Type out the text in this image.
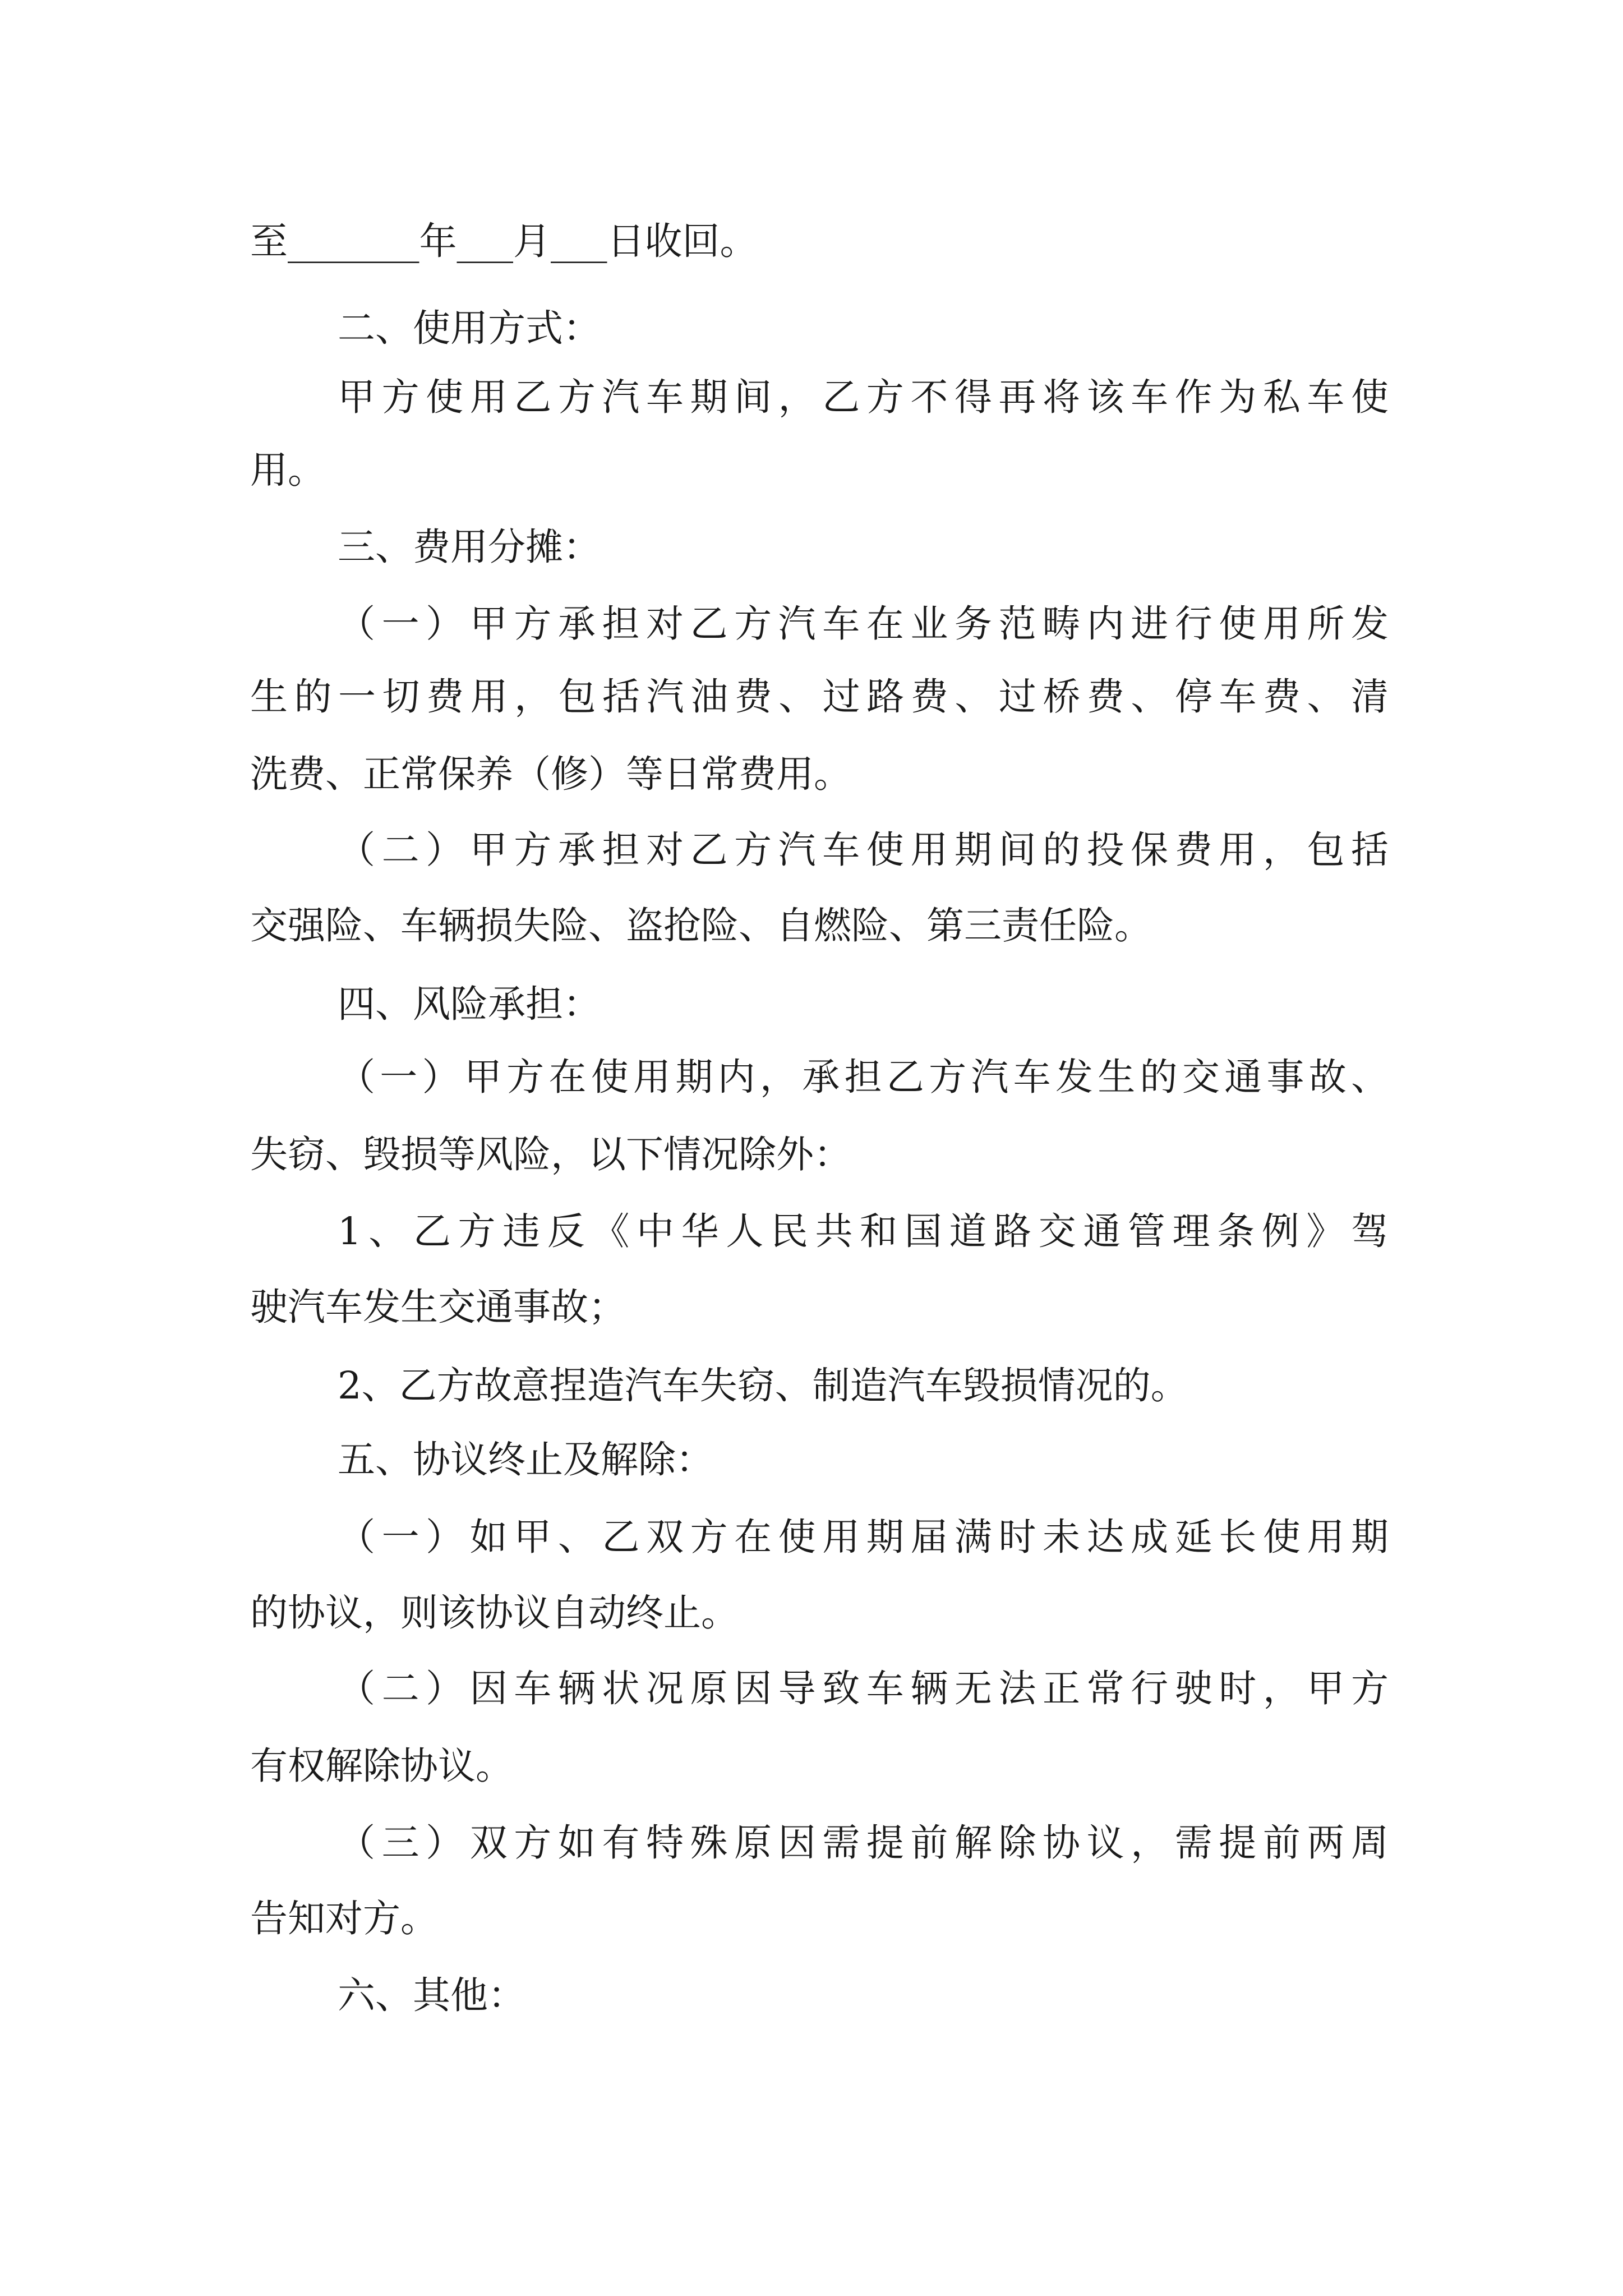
至_______年___月___日收回。
二、使用方式：
甲方使用乙方汽车期间，乙方不得再将该车作为私车使
用。
三、费用分摊：
（一）甲方承担对乙方汽车在业务范畴内进行使用所发
生的一切费用，包括汽油费、过路费、过桥费、停车费、清
洗费、正常保养（修）等日常费用。
（二）甲方承担对乙方汽车使用期间的投保费用，包括
交强险、车辆损失险、盗抢险、自燃险、第三责任险。
四、风险承担：
（一）甲方在使用期内，承担乙方汽车发生的交通事故、
失窃、毁损等风险，以下情况除外：
1、乙方违反《中华人民共和国道路交通管理条例》驾
驶汽车发生交通事故；
2、乙方故意捏造汽车失窃、制造汽车毁损情况的。
五、协议终止及解除：
（一）如甲、乙双方在使用期届满时未达成延长使用期
的协议，则该协议自动终止。
（二）因车辆状况原因导致车辆无法正常行驶时，甲方
有权解除协议。
（三）双方如有特殊原因需提前解除协议，需提前两周
告知对方。
六、其他：
